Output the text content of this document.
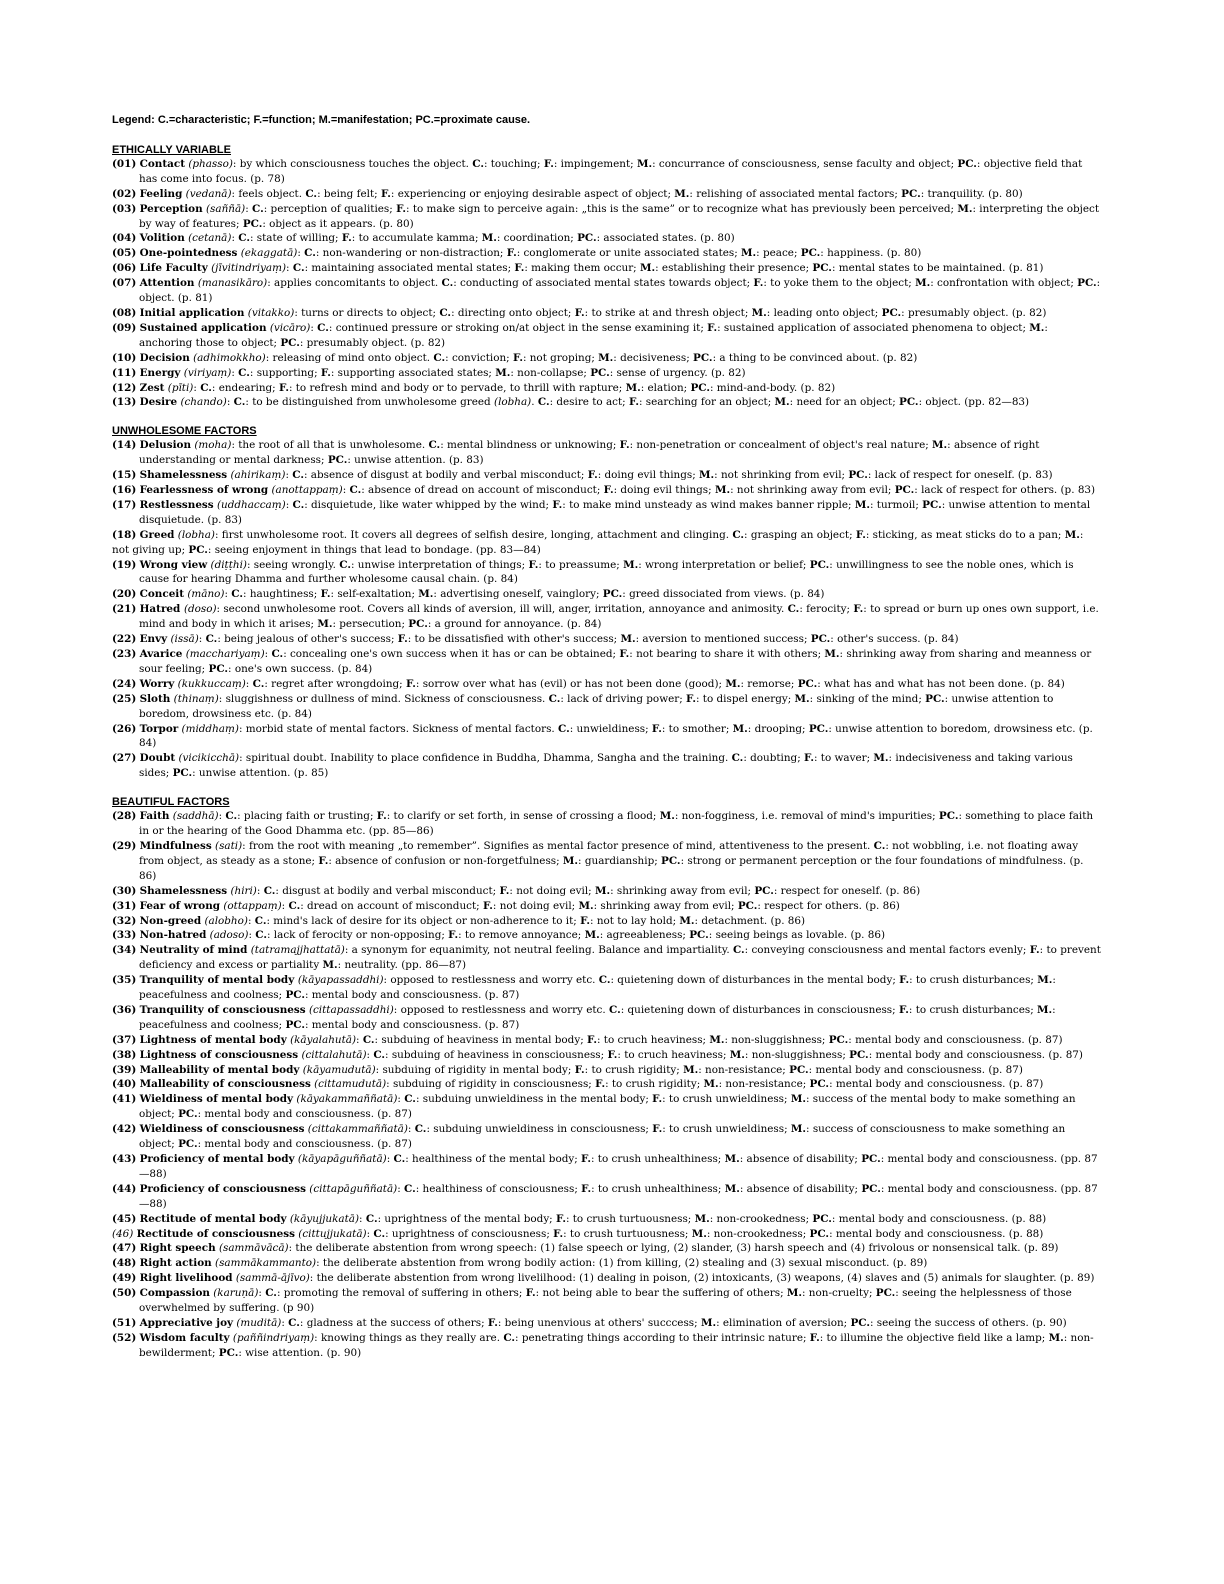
Legend: C.=characteristic; F.=function; M.=manifestation; PC.=proximate cause.
ETHICALLY VARIABLE
(01) Contact (phasso): by which consciousness touches the object. C.: touching; F.: impingement; M.: concurrance of consciousness, sense faculty and object; PC.: objective field that has come into focus. (p. 78)
(02) Feeling (vedanā): feels object. C.: being felt; F.: experiencing or enjoying desirable aspect of object; M.: relishing of associated mental factors; PC.: tranquility. (p. 80)
(03) Perception (saññā): C.: perception of qualities; F.: to make sign to perceive again: „this is the same” or to recognize what has previously been perceived; M.: interpreting the object by way of features; PC.: object as it appears. (p. 80)
(04) Volition (cetanā): C.: state of willing; F.: to accumulate kamma; M.: coordination; PC.: associated states. (p. 80)
(05) One-pointedness (ekaggatā): C.: non-wandering or non-distraction; F.: conglomerate or unite associated states; M.: peace; PC.: happiness. (p. 80)
(06) Life Faculty (jīvitindriyaṃ): C.: maintaining associated mental states; F.: making them occur; M.: establishing their presence; PC.: mental states to be maintained. (p. 81)
(07) Attention (manasikāro): applies concomitants to object. C.: conducting of associated mental states towards object; F.: to yoke them to the object; M.: confrontation with object; PC.: object. (p. 81)
(08) Initial application (vitakko): turns or directs to object; C.: directing onto object; F.: to strike at and thresh object; M.: leading onto object; PC.: presumably object. (p. 82)
(09) Sustained application (vicāro): C.: continued pressure or stroking on/at object in the sense examining it; F.: sustained application of associated phenomena to object; M.: anchoring those to object; PC.: presumably object. (p. 82)
(10) Decision (adhimokkho): releasing of mind onto object. C.: conviction; F.: not groping; M.: decisiveness; PC.: a thing to be convinced about. (p. 82)
(11) Energy (viriyaṃ): C.: supporting; F.: supporting associated states; M.: non-collapse; PC.: sense of urgency. (p. 82)
(12) Zest (pīti): C.: endearing; F.: to refresh mind and body or to pervade, to thrill with rapture; M.: elation; PC.: mind-and-body. (p. 82)
(13) Desire (chando): C.: to be distinguished from unwholesome greed (lobha). C.: desire to act; F.: searching for an object; M.: need for an object; PC.: object. (pp. 82—83)
UNWHOLESOME FACTORS
(14) Delusion (moha): the root of all that is unwholesome. C.: mental blindness or unknowing; F.: non-penetration or concealment of object's real nature; M.: absence of right understanding or mental darkness; PC.: unwise attention. (p. 83)
(15) Shamelessness (ahirikaṃ): C.: absence of disgust at bodily and verbal misconduct; F.: doing evil things; M.: not shrinking from evil; PC.: lack of respect for oneself. (p. 83)
(16) Fearlessness of wrong (anottappaṃ): C.: absence of dread on account of misconduct; F.: doing evil things; M.: not shrinking away from evil; PC.: lack of respect for others. (p. 83)
(17) Restlessness (uddhaccaṃ): C.: disquietude, like water whipped by the wind; F.: to make mind unsteady as wind makes banner ripple; M.: turmoil; PC.: unwise attention to mental disquietude. (p. 83)
(18) Greed (lobha): first unwholesome root. It covers all degrees of selfish desire, longing, attachment and clinging. C.: grasping an object; F.: sticking, as meat sticks do to a pan; M.: not giving up; PC.: seeing enjoyment in things that lead to bondage. (pp. 83—84)
(19) Wrong view (diṭṭhi): seeing wrongly. C.: unwise interpretation of things; F.: to preassume; M.: wrong interpretation or belief; PC.: unwillingness to see the noble ones, which is cause for hearing Dhamma and further wholesome causal chain. (p. 84)
(20) Conceit (māno): C.: haughtiness; F.: self-exaltation; M.: advertising oneself, vainglory; PC.: greed dissociated from views. (p. 84)
(21) Hatred (doso): second unwholesome root. Covers all kinds of aversion, ill will, anger, irritation, annoyance and animosity. C.: ferocity; F.: to spread or burn up ones own support, i.e. mind and body in which it arises; M.: persecution; PC.: a ground for annoyance. (p. 84)
(22) Envy (issā): C.: being jealous of other's success; F.: to be dissatisfied with other's success; M.: aversion to mentioned success; PC.: other's success. (p. 84)
(23) Avarice (macchariyaṃ): C.: concealing one's own success when it has or can be obtained; F.: not bearing to share it with others; M.: shrinking away from sharing and meanness or sour feeling; PC.: one's own success. (p. 84)
(24) Worry (kukkuccaṃ): C.: regret after wrongdoing; F.: sorrow over what has (evil) or has not been done (good); M.: remorse; PC.: what has and what has not been done. (p. 84)
(25) Sloth (thinaṃ): sluggishness or dullness of mind. Sickness of consciousness. C.: lack of driving power; F.: to dispel energy; M.: sinking of the mind; PC.: unwise attention to boredom, drowsiness etc. (p. 84)
(26) Torpor (middhaṃ): morbid state of mental factors. Sickness of mental factors. C.: unwieldiness; F.: to smother; M.: drooping; PC.: unwise attention to boredom, drowsiness etc. (p. 84)
(27) Doubt (vicikicchā): spiritual doubt. Inability to place confidence in Buddha, Dhamma, Sangha and the training. C.: doubting; F.: to waver; M.: indecisiveness and taking various sides; PC.: unwise attention. (p. 85)
BEAUTIFUL FACTORS
(28) Faith (saddhā): C.: placing faith or trusting; F.: to clarify or set forth, in sense of crossing a flood; M.: non-fogginess, i.e. removal of mind's impurities; PC.: something to place faith in or the hearing of the Good Dhamma etc. (pp. 85—86)
(29) Mindfulness (sati): from the root with meaning „to remember”. Signifies as mental factor presence of mind, attentiveness to the present. C.: not wobbling, i.e. not floating away from object, as steady as a stone; F.: absence of confusion or non-forgetfulness; M.: guardianship; PC.: strong or permanent perception or the four foundations of mindfulness. (p. 86)
(30) Shamelessness (hiri): C.: disgust at bodily and verbal misconduct; F.: not doing evil; M.: shrinking away from evil; PC.: respect for oneself. (p. 86)
(31) Fear of wrong (ottappaṃ): C.: dread on account of misconduct; F.: not doing evil; M.: shrinking away from evil; PC.: respect for others. (p. 86)
(32) Non-greed (alobho): C.: mind's lack of desire for its object or non-adherence to it; F.: not to lay hold; M.: detachment. (p. 86)
(33) Non-hatred (adoso): C.: lack of ferocity or non-opposing; F.: to remove annoyance; M.: agreeableness; PC.: seeing beings as lovable. (p. 86)
(34) Neutrality of mind (tatramajjhattatā): a synonym for equanimity, not neutral feeling. Balance and impartiality. C.: conveying consciousness and mental factors evenly; F.: to prevent deficiency and excess or partiality M.: neutrality. (pp. 86—87)
(35) Tranquility of mental body (kāyapassaddhi): opposed to restlessness and worry etc. C.: quietening down of disturbances in the mental body; F.: to crush disturbances; M.: peacefulness and coolness; PC.: mental body and consciousness. (p. 87)
(36) Tranquility of consciousness (cittapassaddhi): opposed to restlessness and worry etc. C.: quietening down of disturbances in consciousness; F.: to crush disturbances; M.: peacefulness and coolness; PC.: mental body and consciousness. (p. 87)
(37) Lightness of mental body (kāyalahutā): C.: subduing of heaviness in mental body; F.: to cruch heaviness; M.: non-sluggishness; PC.: mental body and consciousness. (p. 87)
(38) Lightness of consciousness (cittalahutā): C.: subduing of heaviness in consciousness; F.: to cruch heaviness; M.: non-sluggishness; PC.: mental body and consciousness. (p. 87)
(39) Malleability of mental body (kāyamudutā): subduing of rigidity in mental body; F.: to crush rigidity; M.: non-resistance; PC.: mental body and consciousness. (p. 87)
(40) Malleability of consciousness (cittamudutā): subduing of rigidity in consciousness; F.: to crush rigidity; M.: non-resistance; PC.: mental body and consciousness. (p. 87)
(41) Wieldiness of mental body (kāyakammaññatā): C.: subduing unwieldiness in the mental body; F.: to crush unwieldiness; M.: success of the mental body to make something an object; PC.: mental body and consciousness. (p. 87)
(42) Wieldiness of consciousness (cittakammaññatā): C.: subduing unwieldiness in consciousness; F.: to crush unwieldiness; M.: success of consciousness to make something an object; PC.: mental body and consciousness. (p. 87)
(43) Proficiency of mental body (kāyapāguññatā): C.: healthiness of the mental body; F.: to crush unhealthiness; M.: absence of disability; PC.: mental body and consciousness. (pp. 87—88)
(44) Proficiency of consciousness (cittapāguññatā): C.: healthiness of consciousness; F.: to crush unhealthiness; M.: absence of disability; PC.: mental body and consciousness. (pp. 87—88)
(45) Rectitude of mental body (kāyujjukatā): C.: uprightness of the mental body; F.: to crush turtuousness; M.: non-crookedness; PC.: mental body and consciousness. (p. 88)
(46) Rectitude of consciousness (cittujjukatā): C.: uprightness of consciousness; F.: to crush turtuousness; M.: non-crookedness; PC.: mental body and consciousness. (p. 88)
(47) Right speech (sammāvācā): the deliberate abstention from wrong speech: (1) false speech or lying, (2) slander, (3) harsh speech and (4) frivolous or nonsensical talk. (p. 89)
(48) Right action (sammākammanto): the deliberate abstention from wrong bodily action: (1) from killing, (2) stealing and (3) sexual misconduct. (p. 89)
(49) Right livelihood (sammā-ājīvo): the deliberate abstention from wrong livelilhood: (1) dealing in poison, (2) intoxicants, (3) weapons, (4) slaves and (5) animals for slaughter. (p. 89)
(50) Compassion (karuṇā): C.: promoting the removal of suffering in others; F.: not being able to bear the suffering of others; M.: non-cruelty; PC.: seeing the helplessness of those overwhelmed by suffering. (p 90)
(51) Appreciative joy (muditā): C.: gladness at the success of others; F.: being unenvious at others' succcess; M.: elimination of aversion; PC.: seeing the success of others. (p. 90)
(52) Wisdom faculty (paññindriyaṃ): knowing things as they really are. C.: penetrating things according to their intrinsic nature; F.: to illumine the objective field like a lamp; M.: non-bewilderment; PC.: wise attention. (p. 90)
